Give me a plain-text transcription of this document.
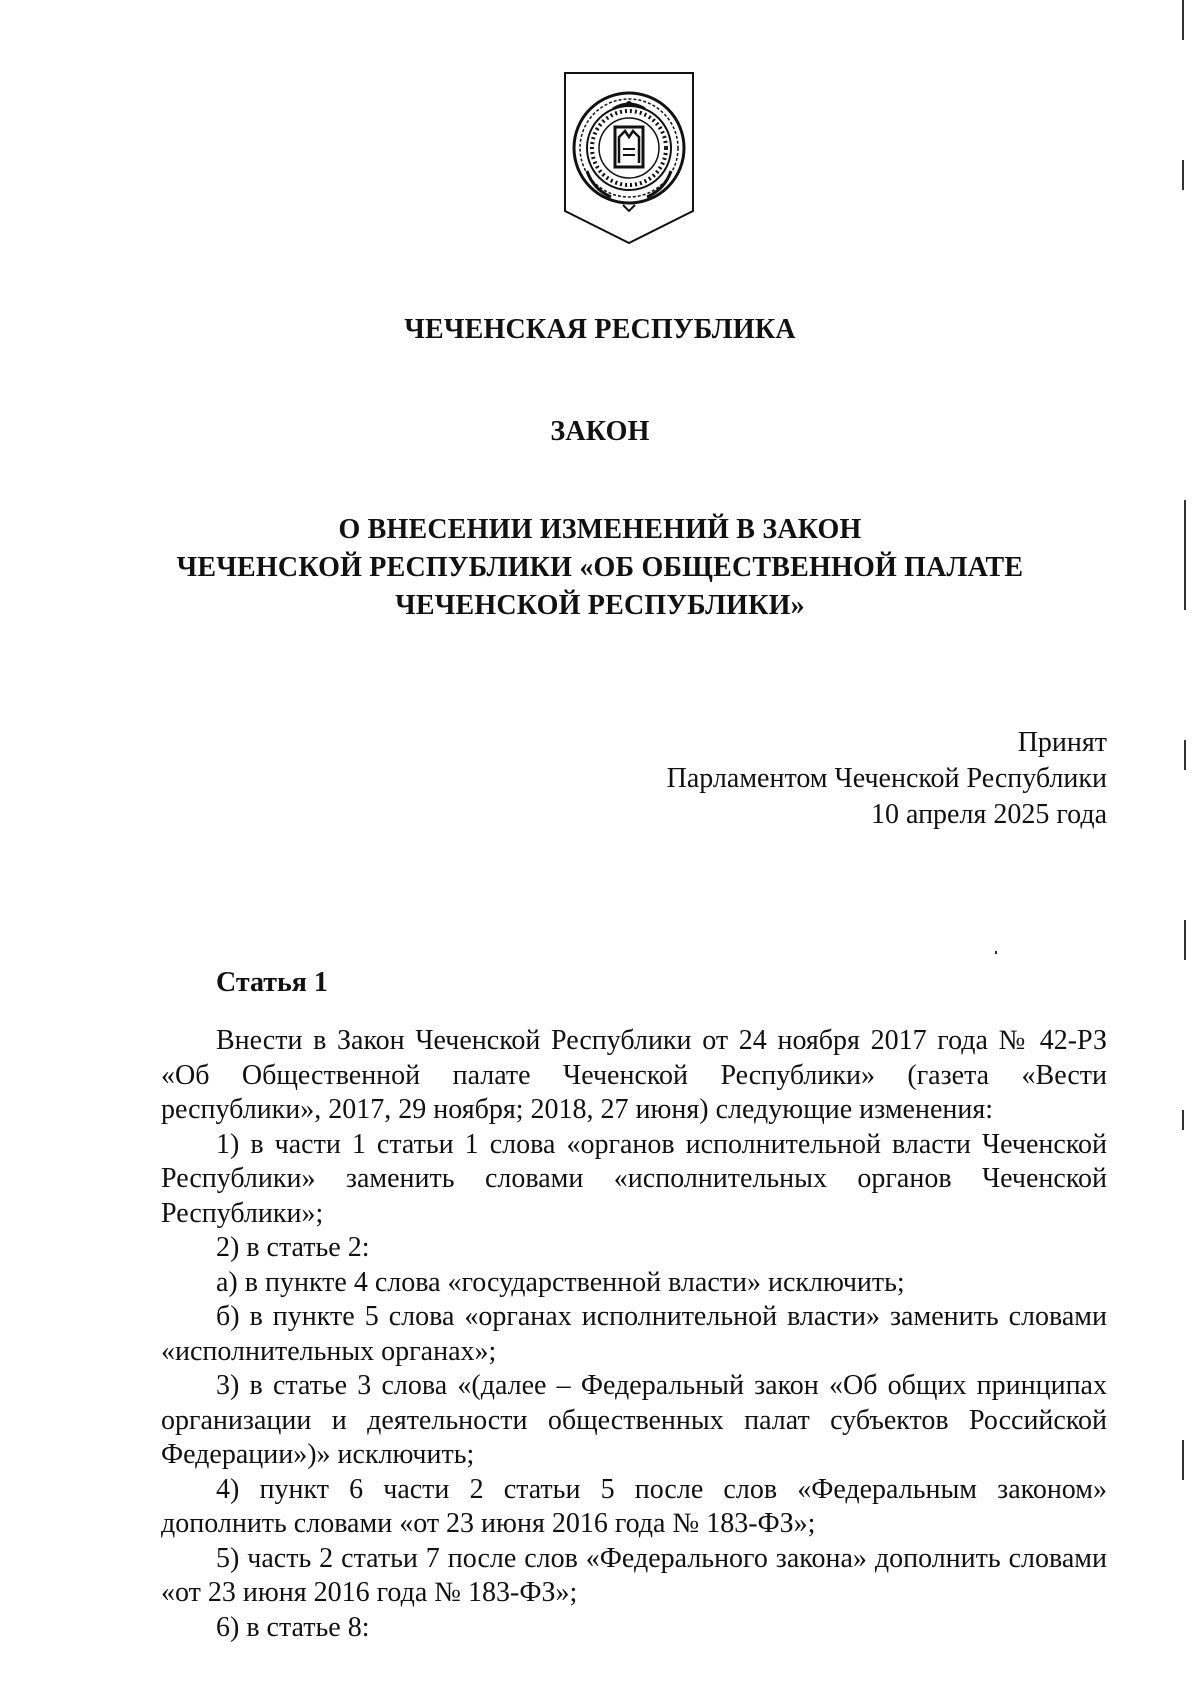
ЧЕЧЕНСКАЯ РЕСПУБЛИКА
ЗАКОН
О ВНЕСЕНИИ ИЗМЕНЕНИЙ В ЗАКОН
ЧЕЧЕНСКОЙ РЕСПУБЛИКИ «ОБ ОБЩЕСТВЕННОЙ ПАЛАТЕ
ЧЕЧЕНСКОЙ РЕСПУБЛИКИ»
Принят
Парламентом Чеченской Республики
10 апреля 2025 года
Статья 1

Внести в Закон Чеченской Республики от 24 ноября 2017 года № 42-РЗ «Об Общественной палате Чеченской Республики» (газета «Вести республики», 2017, 29 ноября; 2018, 27 июня) следующие изменения:

1) в части 1 статьи 1 слова «органов исполнительной власти Чеченской Республики» заменить словами «исполнительных органов Чеченской Республики»;

2) в статье 2:

а) в пункте 4 слова «государственной власти» исключить;

б) в пункте 5 слова «органах исполнительной власти» заменить словами «исполнительных органах»;

3) в статье 3 слова «(далее – Федеральный закон «Об общих принципах организации и деятельности общественных палат субъектов Российской Федерации»)» исключить;

4) пункт 6 части 2 статьи 5 после слов «Федеральным законом» дополнить словами «от 23 июня 2016 года № 183-ФЗ»;

5) часть 2 статьи 7 после слов «Федерального закона» дополнить словами «от 23 июня 2016 года № 183-ФЗ»;

6) в статье 8:
